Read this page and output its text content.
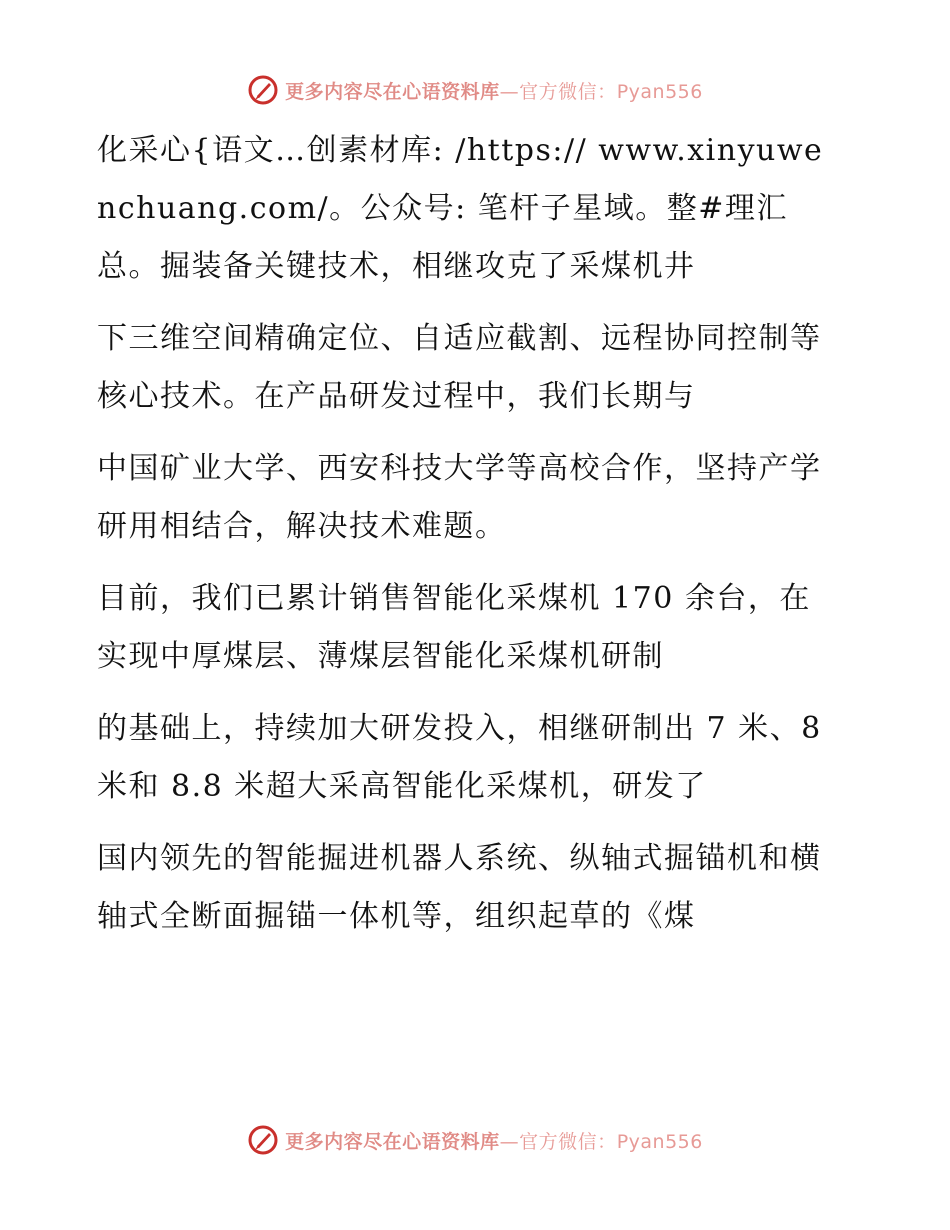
更多内容尽在心语资料库—官方微信：Pyan556

化采心{语文…创素材库: /https:// www.xinyuwenchuang.com/。公众号: 笔杆子星域。整#理汇总。掘装备关键技术，相继攻克了采煤机井

下三维空间精确定位、自适应截割、远程协同控制等核心技术。在产品研发过程中，我们长期与

中国矿业大学、西安科技大学等高校合作，坚持产学研用相结合，解决技术难题。

目前，我们已累计销售智能化采煤机 170 余台，在实现中厚煤层、薄煤层智能化采煤机研制

的基础上，持续加大研发投入，相继研制出 7 米、8 米和 8.8 米超大采高智能化采煤机，研发了

国内领先的智能掘进机器人系统、纵轴式掘锚机和横轴式全断面掘锚一体机等，组织起草的《煤

更多内容尽在心语资料库—官方微信：Pyan556
